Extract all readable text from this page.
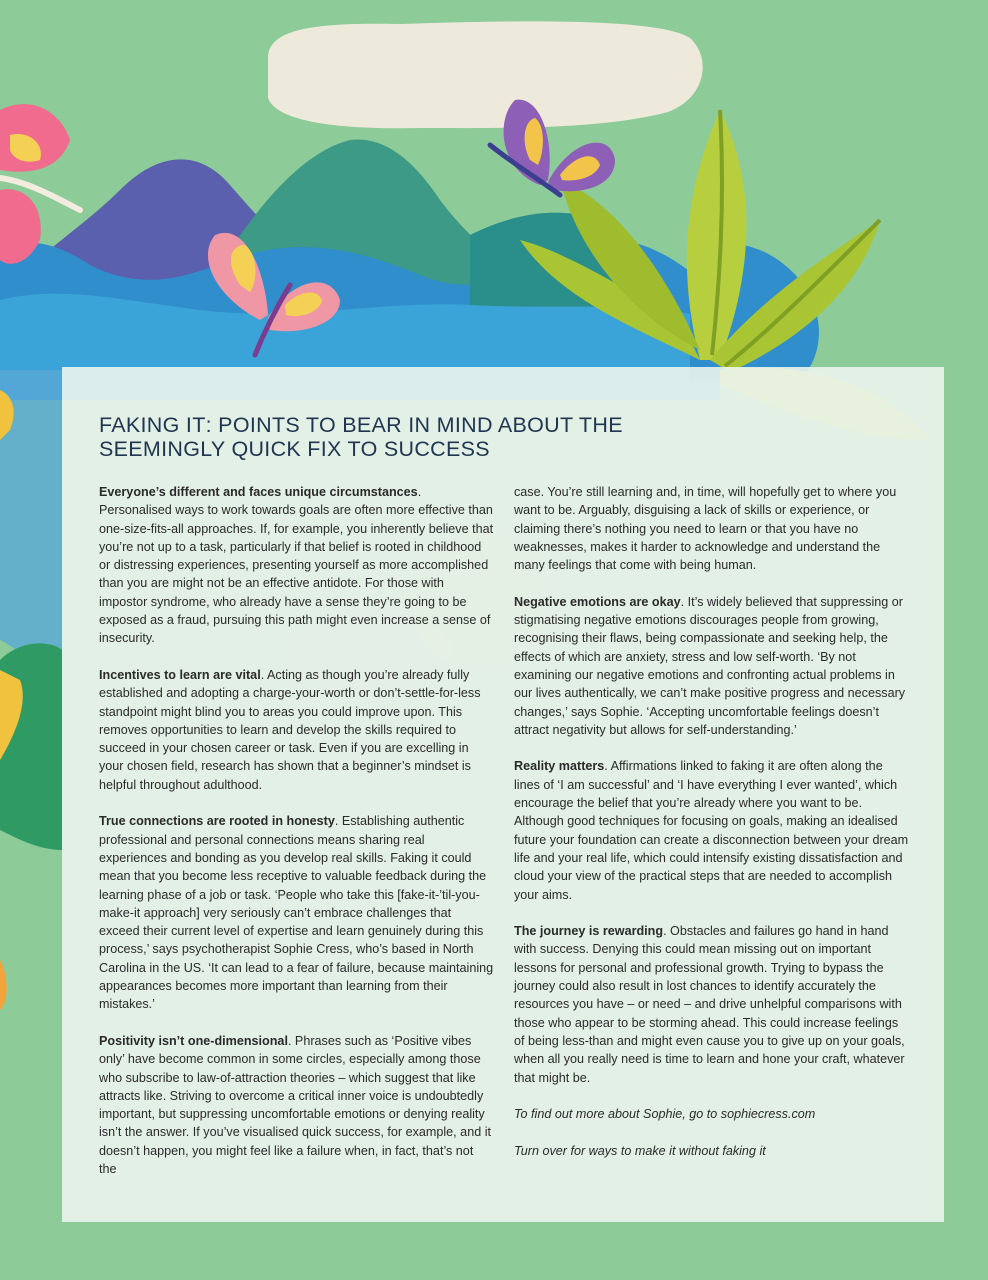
FAKING IT: POINTS TO BEAR IN MIND ABOUT THE SEEMINGLY QUICK FIX TO SUCCESS

Everyone’s different and faces unique circumstances. Personalised ways to work towards goals are often more effective than one-size-fits-all approaches. If, for example, you inherently believe that you’re not up to a task, particularly if that belief is rooted in childhood or distressing experiences, presenting yourself as more accomplished than you are might not be an effective antidote. For those with impostor syndrome, who already have a sense they’re going to be exposed as a fraud, pursuing this path might even increase a sense of insecurity.

Incentives to learn are vital. Acting as though you’re already fully established and adopting a charge-your-worth or don’t-settle-for-less standpoint might blind you to areas you could improve upon. This removes opportunities to learn and develop the skills required to succeed in your chosen career or task. Even if you are excelling in your chosen field, research has shown that a beginner’s mindset is helpful throughout adulthood.

True connections are rooted in honesty. Establishing authentic professional and personal connections means sharing real experiences and bonding as you develop real skills. Faking it could mean that you become less receptive to valuable feedback during the learning phase of a job or task. ‘People who take this [fake-it-’til-you-make-it approach] very seriously can’t embrace challenges that exceed their current level of expertise and learn genuinely during this process,’ says psychotherapist Sophie Cress, who’s based in North Carolina in the US. ‘It can lead to a fear of failure, because maintaining appearances becomes more important than learning from their mistakes.’

Positivity isn’t one-dimensional. Phrases such as ‘Positive vibes only’ have become common in some circles, especially among those who subscribe to law-of-attraction theories – which suggest that like attracts like. Striving to overcome a critical inner voice is undoubtedly important, but suppressing uncomfortable emotions or denying reality isn’t the answer. If you’ve visualised quick success, for example, and it doesn’t happen, you might feel like a failure when, in fact, that’s not the

case. You’re still learning and, in time, will hopefully get to where you want to be. Arguably, disguising a lack of skills or experience, or claiming there’s nothing you need to learn or that you have no weaknesses, makes it harder to acknowledge and understand the many feelings that come with being human.

Negative emotions are okay. It’s widely believed that suppressing or stigmatising negative emotions discourages people from growing, recognising their flaws, being compassionate and seeking help, the effects of which are anxiety, stress and low self-worth. ‘By not examining our negative emotions and confronting actual problems in our lives authentically, we can’t make positive progress and necessary changes,’ says Sophie. ‘Accepting uncomfortable feelings doesn’t attract negativity but allows for self-understanding.’

Reality matters. Affirmations linked to faking it are often along the lines of ‘I am successful’ and ‘I have everything I ever wanted’, which encourage the belief that you’re already where you want to be. Although good techniques for focusing on goals, making an idealised future your foundation can create a disconnection between your dream life and your real life, which could intensify existing dissatisfaction and cloud your view of the practical steps that are needed to accomplish your aims.

The journey is rewarding. Obstacles and failures go hand in hand with success. Denying this could mean missing out on important lessons for personal and professional growth. Trying to bypass the journey could also result in lost chances to identify accurately the resources you have – or need – and drive unhelpful comparisons with those who appear to be storming ahead. This could increase feelings of being less-than and might even cause you to give up on your goals, when all you really need is time to learn and hone your craft, whatever that might be.

To find out more about Sophie, go to sophiecress.com

Turn over for ways to make it without faking it
